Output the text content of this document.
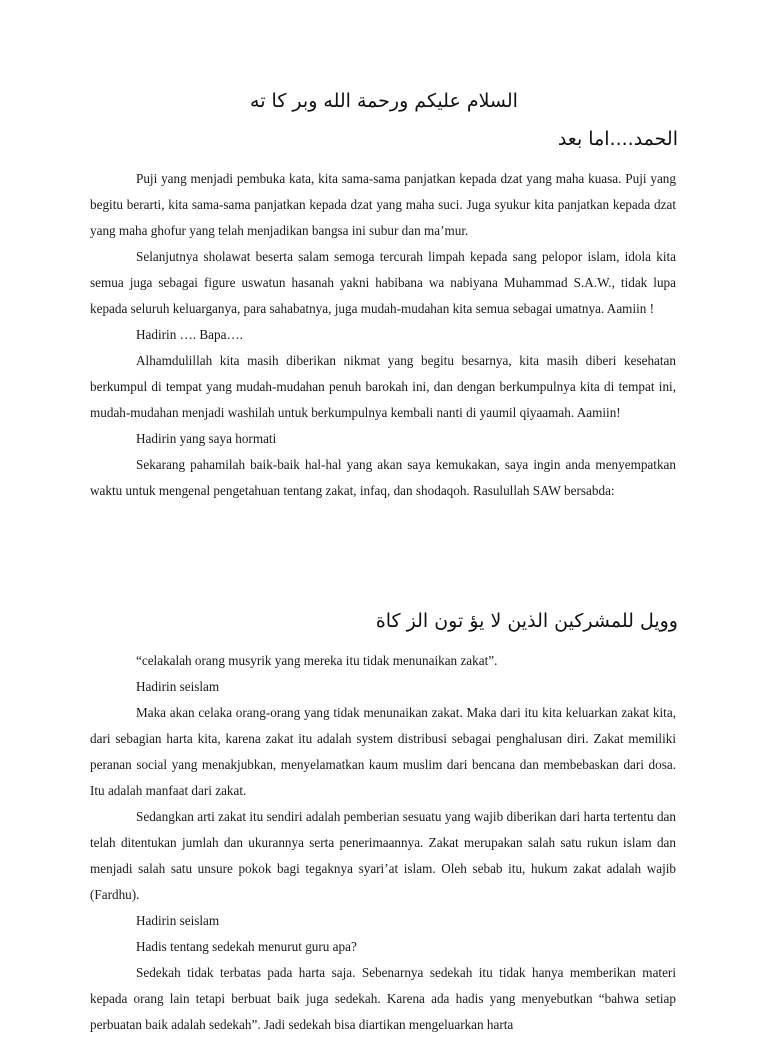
السلام عليكم ورحمة الله وبر كا ته
الحمد....اما بعد

Puji yang menjadi pembuka kata, kita sama-sama panjatkan kepada dzat yang maha kuasa. Puji yang begitu berarti, kita sama-sama panjatkan kepada dzat yang maha suci. Juga syukur kita panjatkan kepada dzat yang maha ghofur yang telah menjadikan bangsa ini subur dan ma’mur.

Selanjutnya sholawat beserta salam semoga tercurah limpah kepada sang pelopor islam, idola kita semua juga sebagai figure uswatun hasanah yakni habibana wa nabiyana Muhammad S.A.W., tidak lupa kepada seluruh keluarganya, para sahabatnya, juga mudah-mudahan kita semua sebagai umatnya. Aamiin !

Hadirin …. Bapa….

Alhamdulillah kita masih diberikan nikmat yang begitu besarnya, kita masih diberi kesehatan berkumpul di tempat yang mudah-mudahan penuh barokah ini, dan dengan berkumpulnya kita di tempat ini, mudah-mudahan menjadi washilah untuk berkumpulnya kembali nanti di yaumil qiyaamah. Aamiin!

Hadirin yang saya hormati

Sekarang pahamilah baik-baik hal-hal yang akan saya kemukakan, saya ingin anda menyempatkan waktu untuk mengenal pengetahuan tentang zakat, infaq, dan shodaqoh. Rasulullah SAW bersabda:

وويل للمشركين الذين لا يؤ تون الز كاة

“celakalah orang musyrik yang mereka itu tidak menunaikan zakat”.

Hadirin seislam

Maka akan celaka orang-orang yang tidak menunaikan zakat. Maka dari itu kita keluarkan zakat kita, dari sebagian harta kita, karena zakat itu adalah system distribusi sebagai penghalusan diri. Zakat memiliki peranan social yang menakjubkan, menyelamatkan kaum muslim dari bencana dan membebaskan dari dosa. Itu adalah manfaat dari zakat.

Sedangkan arti zakat itu sendiri adalah pemberian sesuatu yang wajib diberikan dari harta tertentu dan telah ditentukan jumlah dan ukurannya serta penerimaannya. Zakat merupakan salah satu rukun islam dan menjadi salah satu unsure pokok bagi tegaknya syari’at islam. Oleh sebab itu, hukum zakat adalah wajib (Fardhu).

Hadirin seislam

Hadis tentang sedekah menurut guru apa?

Sedekah tidak terbatas pada harta saja. Sebenarnya sedekah itu tidak hanya memberikan materi kepada orang lain tetapi berbuat baik juga sedekah. Karena ada hadis yang menyebutkan “bahwa setiap perbuatan baik adalah sedekah”. Jadi sedekah bisa diartikan mengeluarkan harta
